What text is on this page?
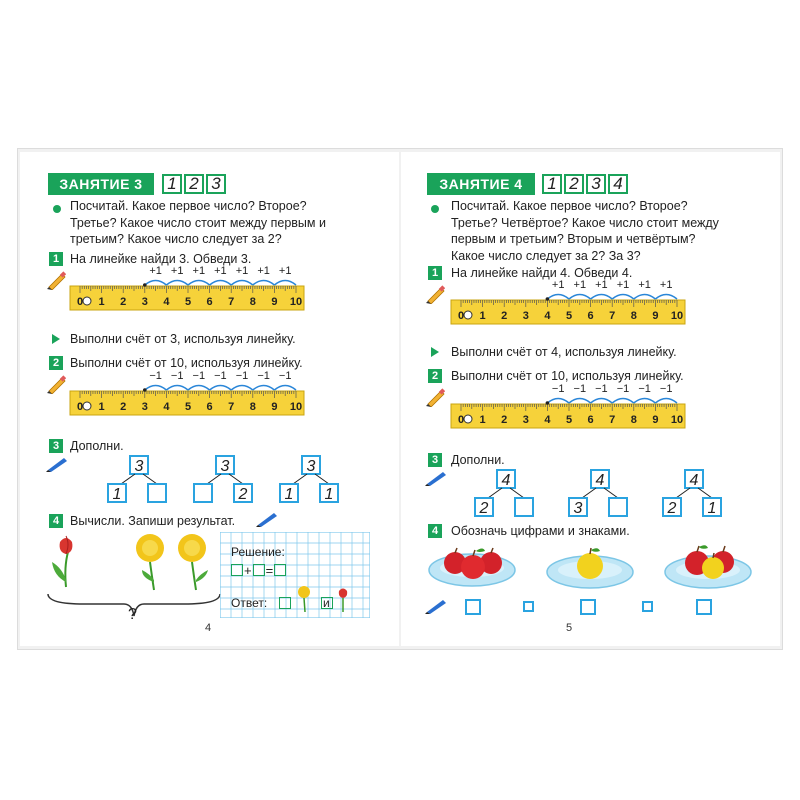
ЗАНЯТИЕ 3	1 2 3
Посчитай. Какое первое число? Второе?
Третье? Какое число стоит между первым и
третьим? Какое число следует за 2?
1 На линейке найди 3. Обведи 3.
0 1 2 3 4 5 6 7 8 9 10
+1 +1 +1 +1 +1 +1 +1
Выполни счёт от 3, используя линейку.
2 Выполни счёт от 10, используя линейку.
0 1 2 3 4 5 6 7 8 9 10
−1 −1 −1 −1 −1 −1 −1
3 Дополни.
3
1
3
2
3
1 1
4 Вычисли. Запиши результат.
?
Решение:
+ =
Ответ:	и
4
ЗАНЯТИЕ 4	1 2 3 4
Посчитай. Какое первое число? Второе?
Третье? Четвёртое? Какое число стоит между
первым и третьим? Вторым и четвёртым?
Какое число следует за 2? За 3?
1	На линейке найди 4. Обведи 4.
0 1 2 3 4 5 6 7 8 9 10
+1 +1 +1 +1 +1 +1
Выполни счёт от 4, используя линейку.
2	Выполни счёт от 10, используя линейку.
0 1 2 3 4 5 6 7 8 9 10
−1 −1 −1 −1 −1 −1
3	Дополни.
4
2
4
3
4
2 1
4	Обозначь цифрами и знаками.
5
